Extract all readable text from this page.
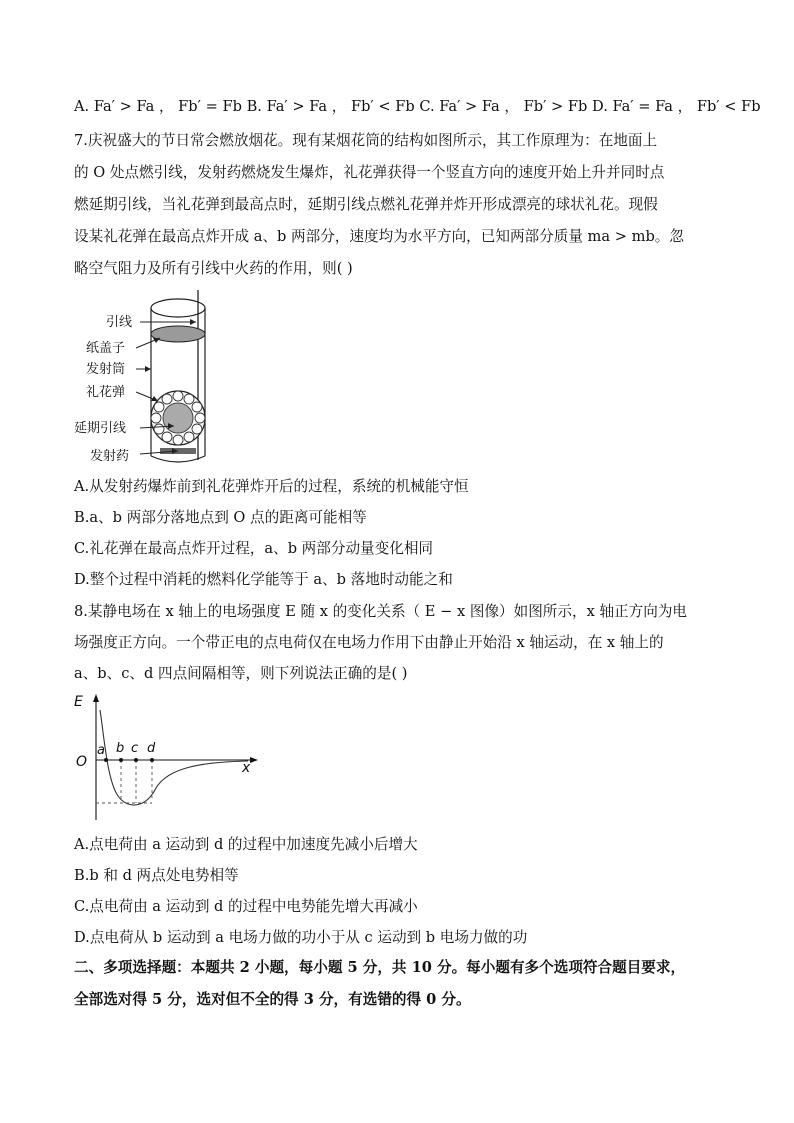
A. Fa′ > Fa ， Fb′ = Fb B. Fa′ > Fa ， Fb′ < Fb C. Fa′ > Fa ， Fb′ > Fb D. Fa′ = Fa ， Fb′ < Fb
7.庆祝盛大的节日常会燃放烟花。现有某烟花筒的结构如图所示，其工作原理为：在地面上
的 O 处点燃引线，发射药燃烧发生爆炸，礼花弹获得一个竖直方向的速度开始上升并同时点
燃延期引线，当礼花弹到最高点时，延期引线点燃礼花弹并炸开形成漂亮的球状礼花。现假
设某礼花弹在最高点炸开成 a、b 两部分，速度均为水平方向，已知两部分质量 ma > mb。忽
略空气阻力及所有引线中火药的作用，则( )
引线
纸盖子
发射筒
礼花弹
延期引线
发射药
A.从发射药爆炸前到礼花弹炸开后的过程，系统的机械能守恒
B.a、b 两部分落地点到 O 点的距离可能相等
C.礼花弹在最高点炸开过程，a、b 两部分动量变化相同
D.整个过程中消耗的燃料化学能等于 a、b 落地时动能之和
8.某静电场在 x 轴上的电场强度 E 随 x 的变化关系（ E − x 图像）如图所示，x 轴正方向为电
场强度正方向。一个带正电的点电荷仅在电场力作用下由静止开始沿 x 轴运动，在 x 轴上的
a、b、c、d 四点间隔相等，则下列说法正确的是( )
E
O	x
a b c d
A.点电荷由 a 运动到 d 的过程中加速度先减小后增大
B.b 和 d 两点处电势相等
C.点电荷由 a 运动到 d 的过程中电势能先增大再减小
D.点电荷从 b 运动到 a 电场力做的功小于从 c 运动到 b 电场力做的功
二、多项选择题：本题共 2 小题，每小题 5 分，共 10 分。每小题有多个选项符合题目要求，
全部选对得 5 分，选对但不全的得 3 分，有选错的得 0 分。
